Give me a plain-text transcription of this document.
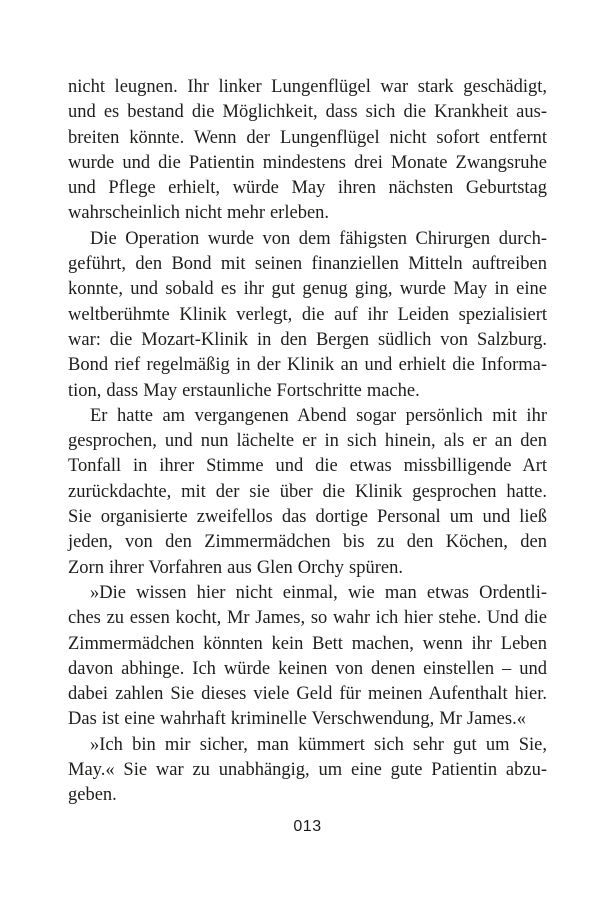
nicht leugnen. Ihr linker Lungenflügel war stark geschädigt,
und es bestand die Möglichkeit, dass sich die Krankheit aus-
breiten könnte. Wenn der Lungenflügel nicht sofort entfernt
wurde und die Patientin mindestens drei Monate Zwangsruhe
und Pflege erhielt, würde May ihren nächsten Geburtstag
wahrscheinlich nicht mehr erleben.

Die Operation wurde von dem fähigsten Chirurgen durch-
geführt, den Bond mit seinen finanziellen Mitteln auftreiben
konnte, und sobald es ihr gut genug ging, wurde May in eine
weltberühmte Klinik verlegt, die auf ihr Leiden spezialisiert
war: die Mozart-Klinik in den Bergen südlich von Salzburg.
Bond rief regelmäßig in der Klinik an und erhielt die Informa-
tion, dass May erstaunliche Fortschritte mache.

Er hatte am vergangenen Abend sogar persönlich mit ihr
gesprochen, und nun lächelte er in sich hinein, als er an den
Tonfall in ihrer Stimme und die etwas missbilligende Art
zurückdachte, mit der sie über die Klinik gesprochen hatte.
Sie organisierte zweifellos das dortige Personal um und ließ
jeden, von den Zimmermädchen bis zu den Köchen, den
Zorn ihrer Vorfahren aus Glen Orchy spüren.

»Die wissen hier nicht einmal, wie man etwas Ordentli-
ches zu essen kocht, Mr James, so wahr ich hier stehe. Und die
Zimmermädchen könnten kein Bett machen, wenn ihr Leben
davon abhinge. Ich würde keinen von denen einstellen – und
dabei zahlen Sie dieses viele Geld für meinen Aufenthalt hier.
Das ist eine wahrhaft kriminelle Verschwendung, Mr James.«

»Ich bin mir sicher, man kümmert sich sehr gut um Sie,
May.« Sie war zu unabhängig, um eine gute Patientin abzu-
geben.

013
